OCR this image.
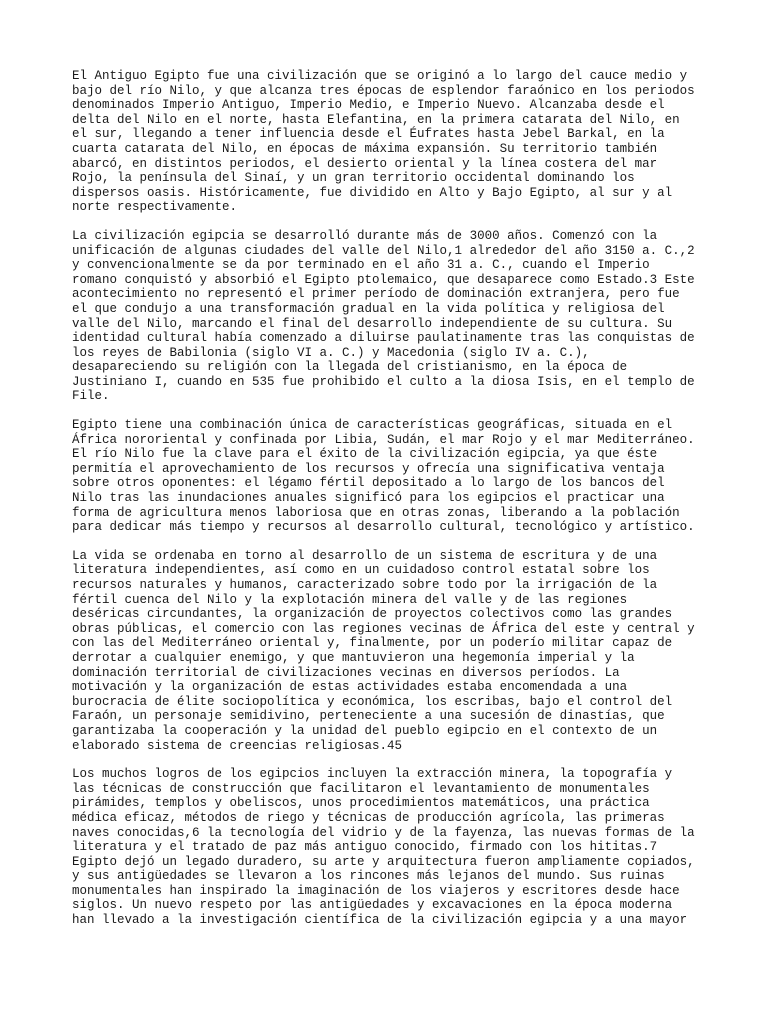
El Antiguo Egipto fue una civilización que se originó a lo largo del cauce medio y
bajo del río Nilo, y que alcanza tres épocas de esplendor faraónico en los periodos
denominados Imperio Antiguo, Imperio Medio, e Imperio Nuevo. Alcanzaba desde el
delta del Nilo en el norte, hasta Elefantina, en la primera catarata del Nilo, en
el sur, llegando a tener influencia desde el Éufrates hasta Jebel Barkal, en la
cuarta catarata del Nilo, en épocas de máxima expansión. Su territorio también
abarcó, en distintos periodos, el desierto oriental y la línea costera del mar
Rojo, la península del Sinaí, y un gran territorio occidental dominando los
dispersos oasis. Históricamente, fue dividido en Alto y Bajo Egipto, al sur y al
norte respectivamente.

La civilización egipcia se desarrolló durante más de 3000 años. Comenzó con la
unificación de algunas ciudades del valle del Nilo,1 alrededor del año 3150 a. C.,2
y convencionalmente se da por terminado en el año 31 a. C., cuando el Imperio
romano conquistó y absorbió el Egipto ptolemaico, que desaparece como Estado.3 Este
acontecimiento no representó el primer período de dominación extranjera, pero fue
el que condujo a una transformación gradual en la vida política y religiosa del
valle del Nilo, marcando el final del desarrollo independiente de su cultura. Su
identidad cultural había comenzado a diluirse paulatinamente tras las conquistas de
los reyes de Babilonia (siglo VI a. C.) y Macedonia (siglo IV a. C.),
desapareciendo su religión con la llegada del cristianismo, en la época de
Justiniano I, cuando en 535 fue prohibido el culto a la diosa Isis, en el templo de
File.

Egipto tiene una combinación única de características geográficas, situada en el
África nororiental y confinada por Libia, Sudán, el mar Rojo y el mar Mediterráneo.
El río Nilo fue la clave para el éxito de la civilización egipcia, ya que éste
permitía el aprovechamiento de los recursos y ofrecía una significativa ventaja
sobre otros oponentes: el légamo fértil depositado a lo largo de los bancos del
Nilo tras las inundaciones anuales significó para los egipcios el practicar una
forma de agricultura menos laboriosa que en otras zonas, liberando a la población
para dedicar más tiempo y recursos al desarrollo cultural, tecnológico y artístico.

La vida se ordenaba en torno al desarrollo de un sistema de escritura y de una
literatura independientes, así como en un cuidadoso control estatal sobre los
recursos naturales y humanos, caracterizado sobre todo por la irrigación de la
fértil cuenca del Nilo y la explotación minera del valle y de las regiones
deséricas circundantes, la organización de proyectos colectivos como las grandes
obras públicas, el comercio con las regiones vecinas de África del este y central y
con las del Mediterráneo oriental y, finalmente, por un poderío militar capaz de
derrotar a cualquier enemigo, y que mantuvieron una hegemonía imperial y la
dominación territorial de civilizaciones vecinas en diversos períodos. La
motivación y la organización de estas actividades estaba encomendada a una
burocracia de élite sociopolítica y económica, los escribas, bajo el control del
Faraón, un personaje semidivino, perteneciente a una sucesión de dinastías, que
garantizaba la cooperación y la unidad del pueblo egipcio en el contexto de un
elaborado sistema de creencias religiosas.45

Los muchos logros de los egipcios incluyen la extracción minera, la topografía y
las técnicas de construcción que facilitaron el levantamiento de monumentales
pirámides, templos y obeliscos, unos procedimientos matemáticos, una práctica
médica eficaz, métodos de riego y técnicas de producción agrícola, las primeras
naves conocidas,6 la tecnología del vidrio y de la fayenza, las nuevas formas de la
literatura y el tratado de paz más antiguo conocido, firmado con los hititas.7
Egipto dejó un legado duradero, su arte y arquitectura fueron ampliamente copiados,
y sus antigüedades se llevaron a los rincones más lejanos del mundo. Sus ruinas
monumentales han inspirado la imaginación de los viajeros y escritores desde hace
siglos. Un nuevo respeto por las antigüedades y excavaciones en la época moderna
han llevado a la investigación científica de la civilización egipcia y a una mayor
